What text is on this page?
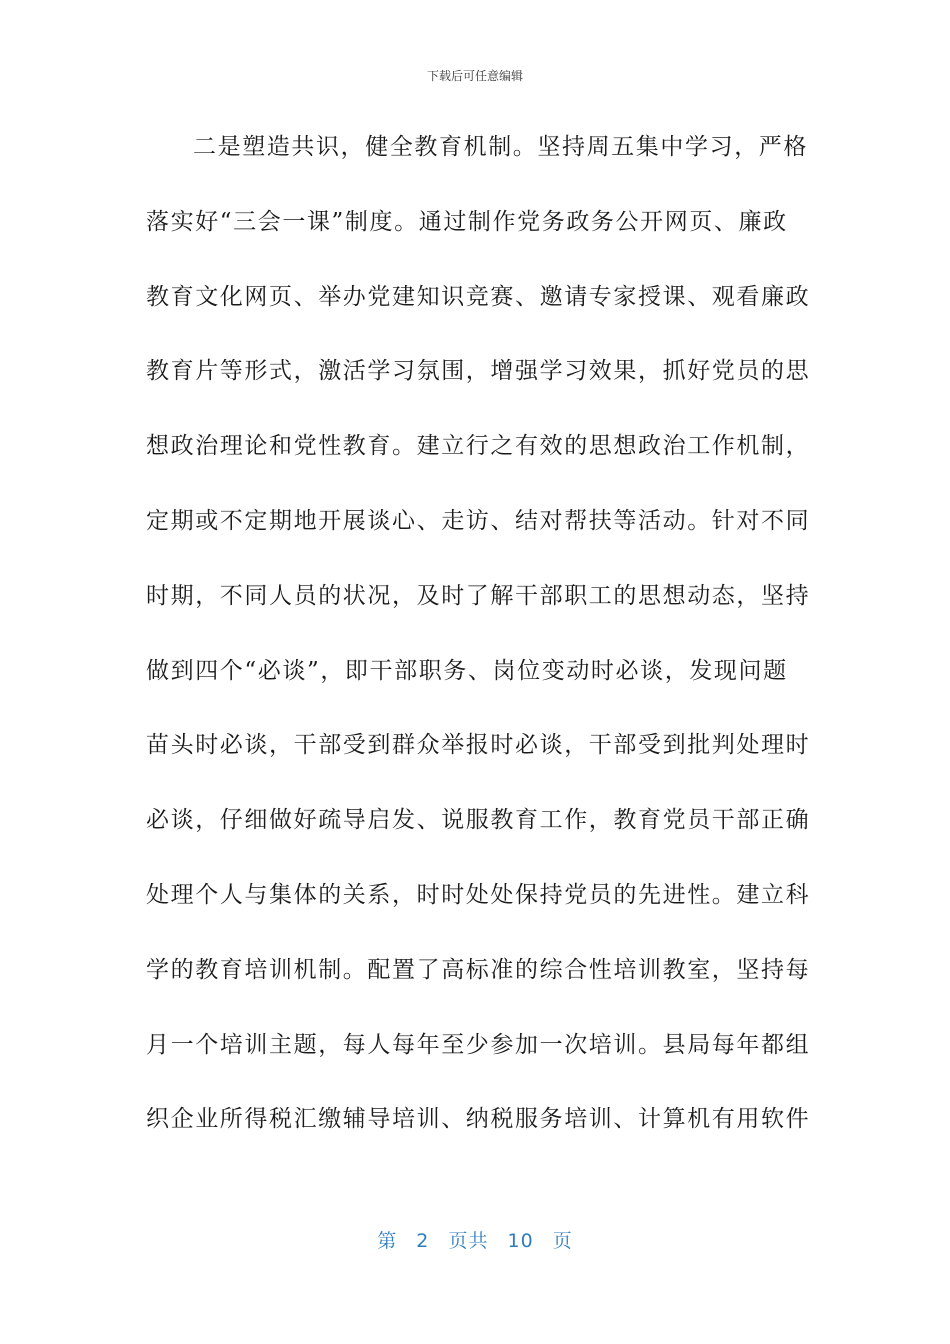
下载后可任意编辑
二是塑造共识，健全教育机制。坚持周五集中学习，严格
落实好“三会一课”制度。通过制作党务政务公开网页、廉政
教育文化网页、举办党建知识竞赛、邀请专家授课、观看廉政
教育片等形式，激活学习氛围，增强学习效果，抓好党员的思
想政治理论和党性教育。建立行之有效的思想政治工作机制，
定期或不定期地开展谈心、走访、结对帮扶等活动。针对不同
时期，不同人员的状况，及时了解干部职工的思想动态，坚持
做到四个“必谈”，即干部职务、岗位变动时必谈，发现问题
苗头时必谈，干部受到群众举报时必谈，干部受到批判处理时
必谈，仔细做好疏导启发、说服教育工作，教育党员干部正确
处理个人与集体的关系，时时处处保持党员的先进性。建立科
学的教育培训机制。配置了高标准的综合性培训教室，坚持每
月一个培训主题，每人每年至少参加一次培训。县局每年都组
织企业所得税汇缴辅导培训、纳税服务培训、计算机有用软件
第 2 页共 10 页
